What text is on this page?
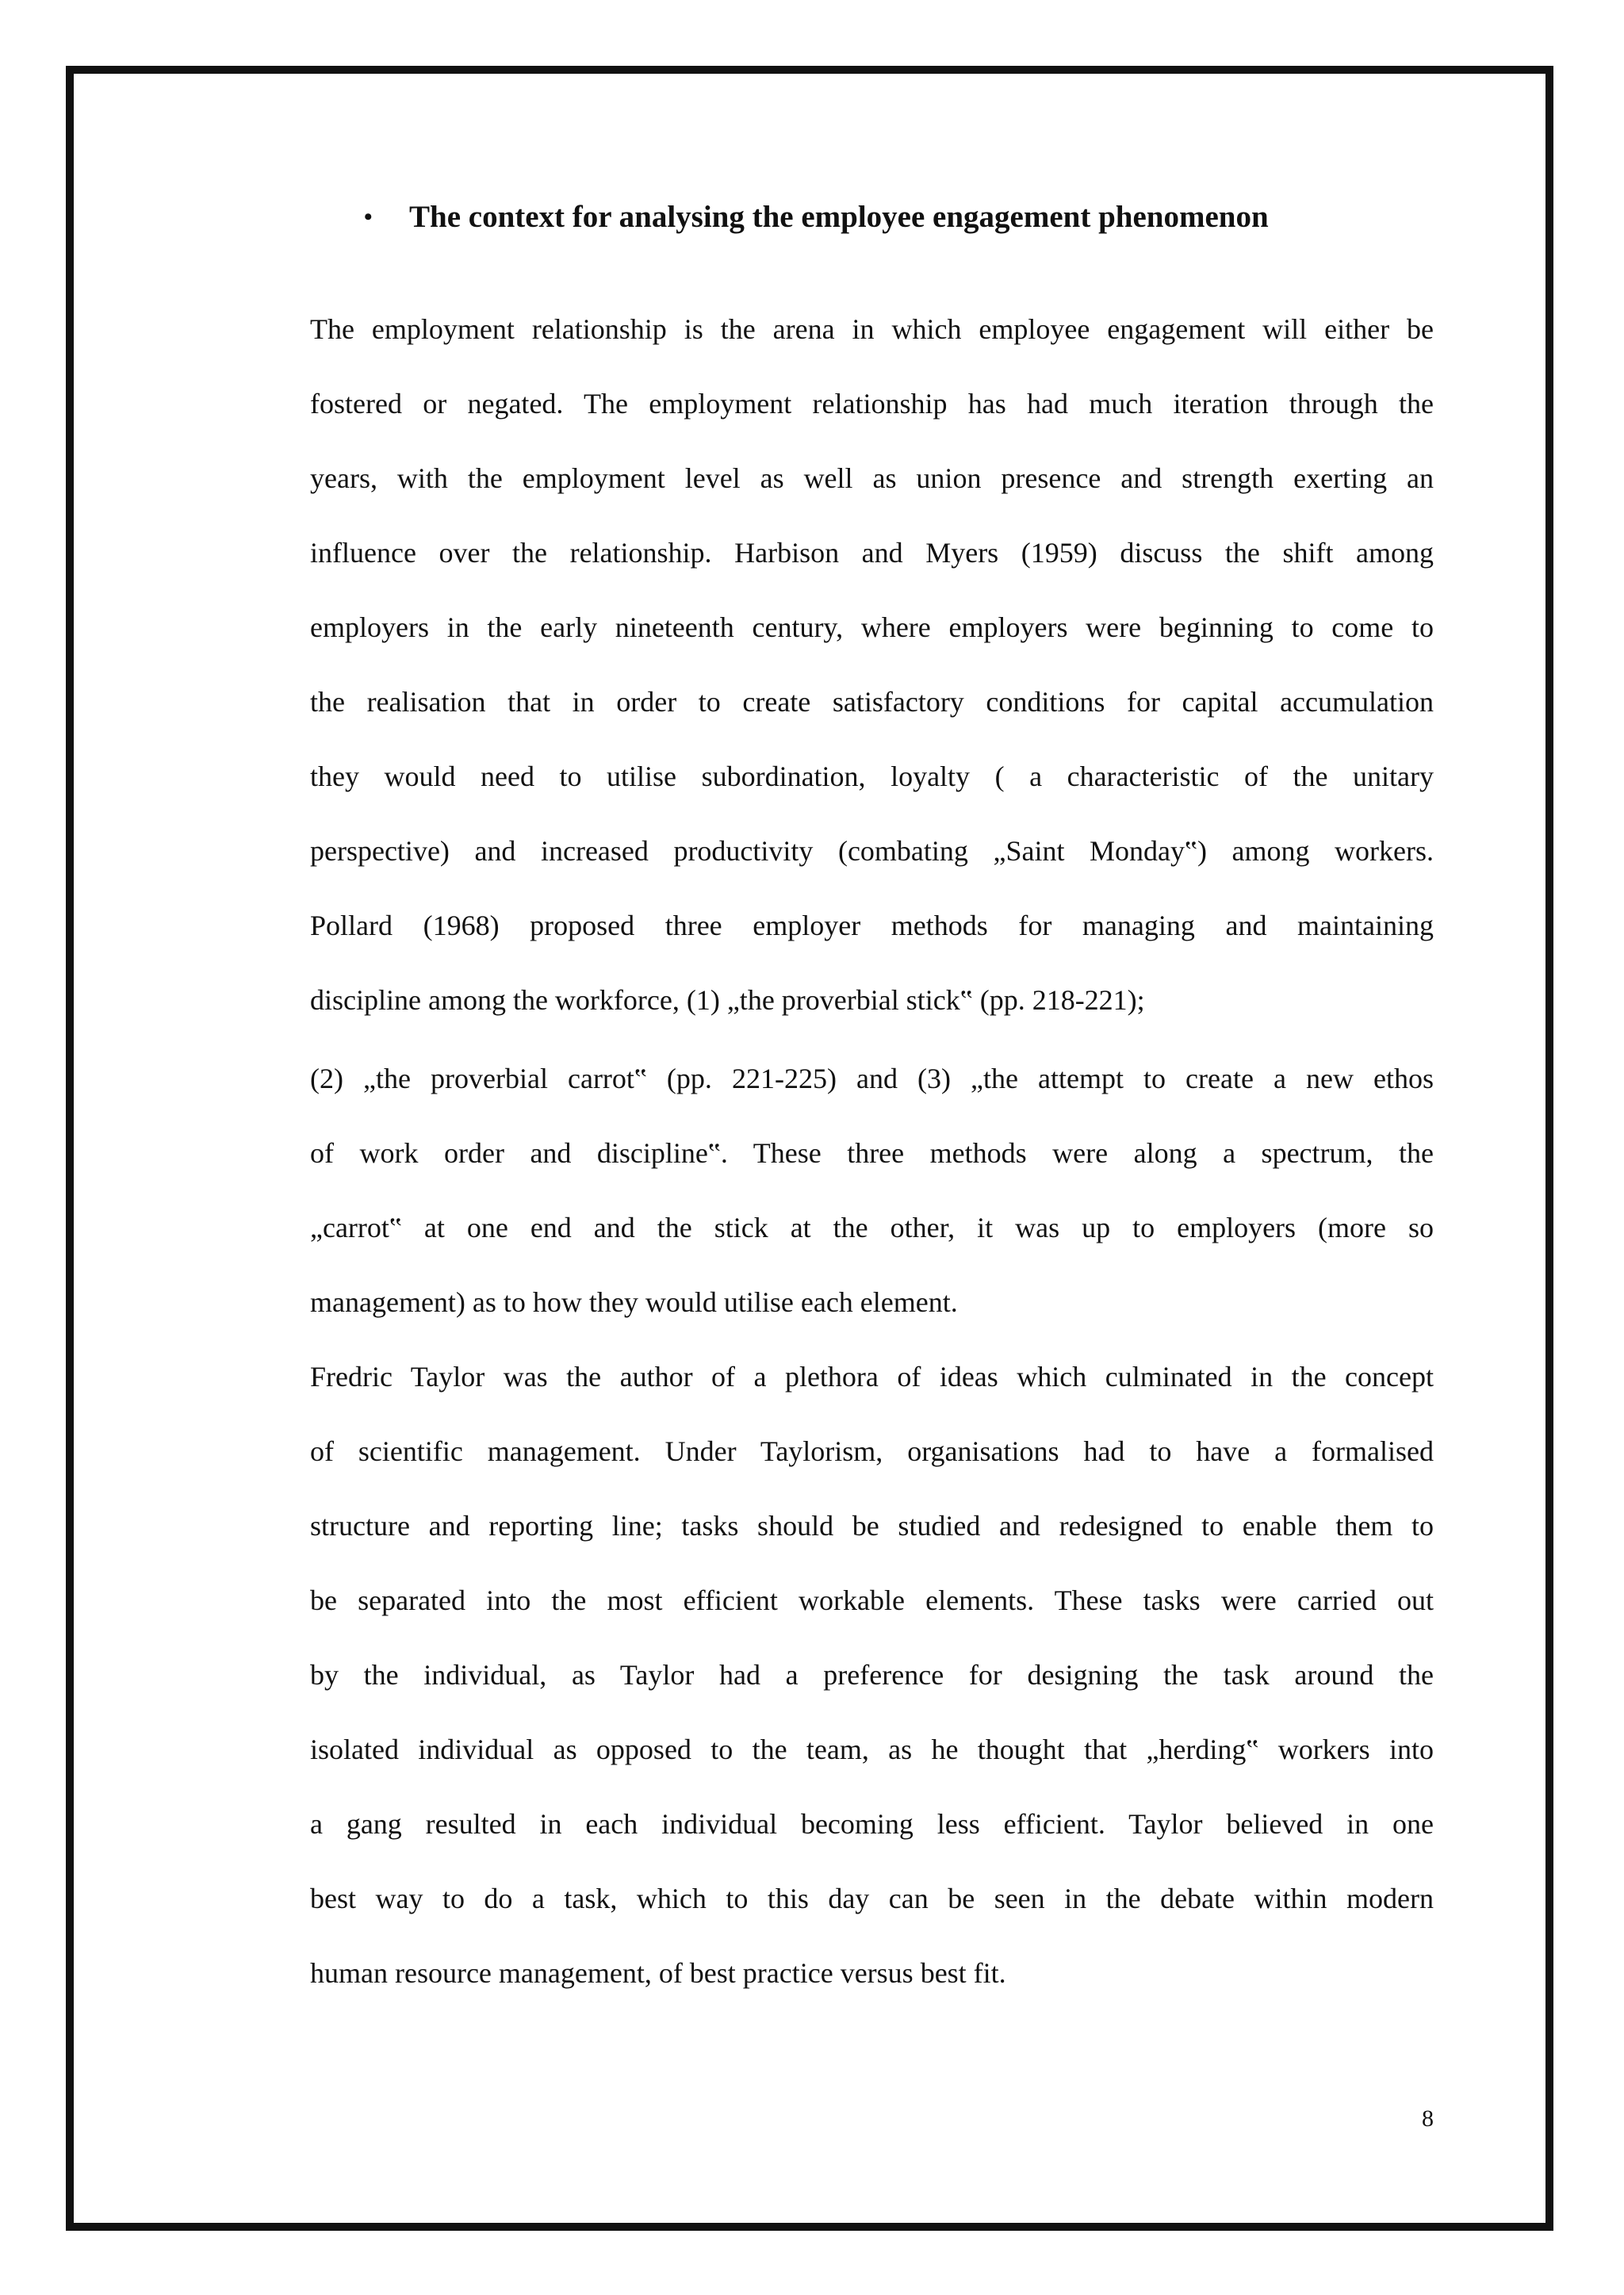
• The context for analysing the employee engagement phenomenon
The employment relationship is the arena in which employee engagement will either be
fostered or negated. The employment relationship has had much iteration through the
years, with the employment level as well as union presence and strength exerting an
influence over the relationship. Harbison and Myers (1959) discuss the shift among
employers in the early nineteenth century, where employers were beginning to come to
the realisation that in order to create satisfactory conditions for capital accumulation
they would need to utilise subordination, loyalty ( a characteristic of the unitary
perspective) and increased productivity (combating „Saint Monday‟) among workers.
Pollard (1968) proposed three employer methods for managing and maintaining
discipline among the workforce, (1) „the proverbial stick‟ (pp. 218-221);
(2) „the proverbial carrot‟ (pp. 221-225) and (3) „the attempt to create a new ethos
of work order and discipline‟. These three methods were along a spectrum, the
„carrot‟ at one end and the stick at the other, it was up to employers (more so
management) as to how they would utilise each element.
Fredric Taylor was the author of a plethora of ideas which culminated in the concept
of scientific management. Under Taylorism, organisations had to have a formalised
structure and reporting line; tasks should be studied and redesigned to enable them to
be separated into the most efficient workable elements. These tasks were carried out
by the individual, as Taylor had a preference for designing the task around the
isolated individual as opposed to the team, as he thought that „herding‟ workers into
a gang resulted in each individual becoming less efficient. Taylor believed in one
best way to do a task, which to this day can be seen in the debate within modern
human resource management, of best practice versus best fit.
8
